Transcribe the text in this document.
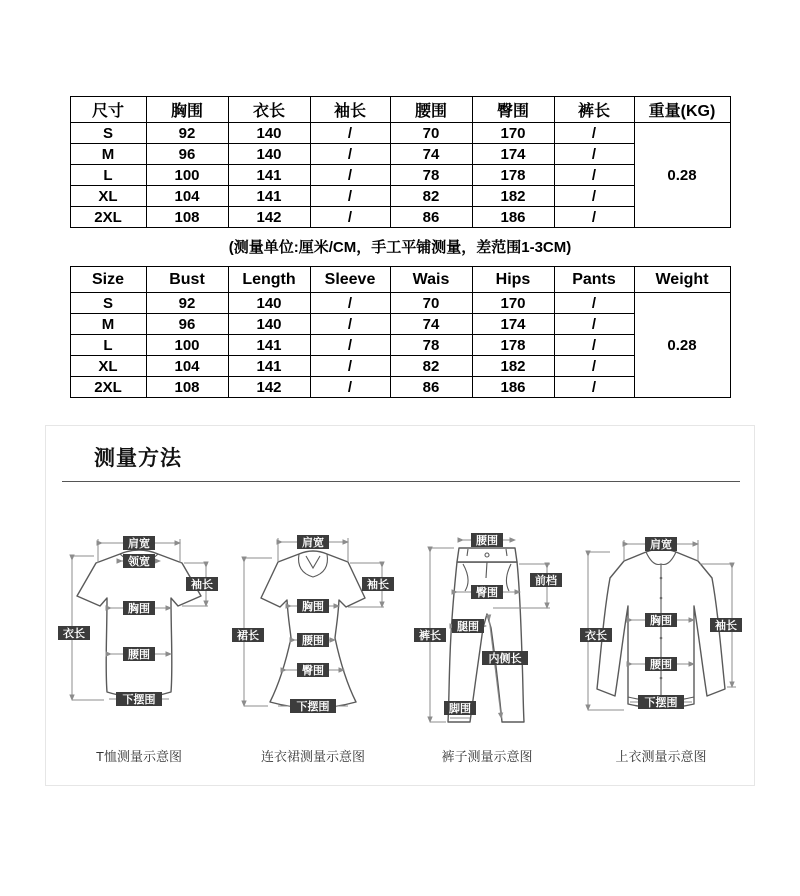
尺寸	胸围	衣长	袖长	腰围	臀围	裤长	重量(KG)
S	92	140	/	70	170	/	0.28
M	96	140	/	74	174	/	
L	100	141	/	78	178	/	
XL	104	141	/	82	182	/	
2XL	108	142	/	86	186	/	
(测量单位:厘米/CM，手工平铺测量，差范围1-3CM)
Size	Bust	Length	Sleeve	Wais	Hips	Pants	Weight
S	92	140	/	70	170	/	0.28
M	96	140	/	74	174	/	
L	100	141	/	78	178	/	
XL	104	141	/	82	182	/	
2XL	108	142	/	86	186	/	
测量方法
肩宽
领宽
袖长
衣长
胸围
腰围
下摆围
T恤测量示意图
肩宽
袖长
胸围
裙长	腰围
臀围
下摆围
连衣裙测量示意图
腰围
前档
臀围
腿围
裤长
内侧长
脚围
裤子测量示意图
肩宽
衣长
胸围	袖长
腰围
下摆围
上衣测量示意图
